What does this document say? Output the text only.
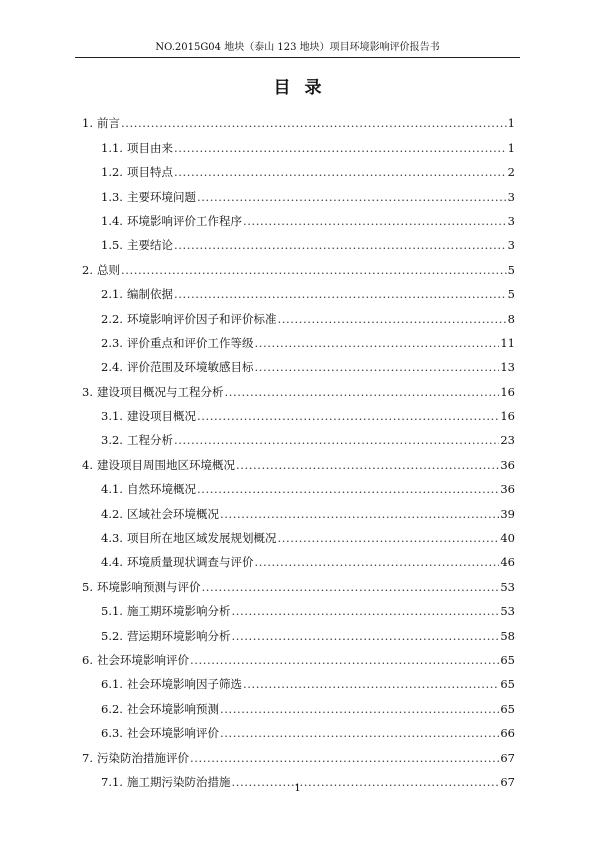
NO.2015G04 地块（泰山 123 地块）项目环境影响评价报告书
目录
1. 前言 .....	1
1.1. 项目由来 .....	1
1.2. 项目特点 .....	2
1.3. 主要环境问题 .....	3
1.4. 环境影响评价工作程序 .....	3
1.5. 主要结论 .....	3
2. 总则 .....	5
2.1. 编制依据 .....	5
2.2. 环境影响评价因子和评价标准 .....	8
2.3. 评价重点和评价工作等级 .....	11
2.4. 评价范围及环境敏感目标 .....	13
3. 建设项目概况与工程分析 .....	16
3.1. 建设项目概况 .....	16
3.2. 工程分析 .....	23
4. 建设项目周围地区环境概况 .....	36
4.1. 自然环境概况 .....	36
4.2. 区域社会环境概况 .....	39
4.3. 项目所在地区域发展规划概况 .....	40
4.4. 环境质量现状调查与评价 .....	46
5. 环境影响预测与评价 .....	53
5.1. 施工期环境影响分析 .....	53
5.2. 营运期环境影响分析 .....	58
6. 社会环境影响评价 .....	65
6.1. 社会环境影响因子筛选 .....	65
6.2. 社会环境影响预测 .....	65
6.3. 社会环境影响评价 .....	66
7. 污染防治措施评价 .....	67
7.1. 施工期污染防治措施 .....	67
1
